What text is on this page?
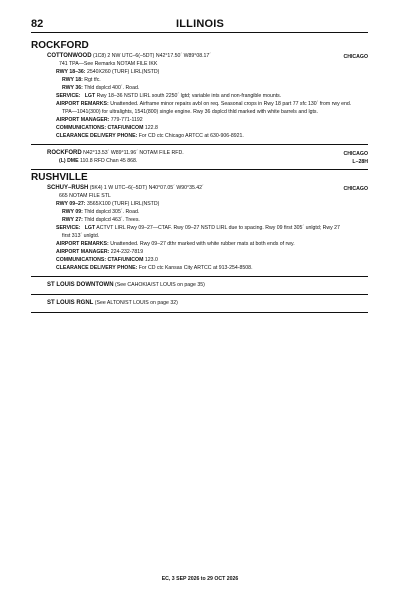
82	ILLINOIS
ROCKFORD
COTTONWOOD (1C8) 2 NW UTC–6(–5DT) N42°17.50´ W89°08.17´	CHICAGO
741 TPA—See Remarks NOTAM FILE IKK
RWY 18–36: 2540X260 (TURF) LIRL(NSTD)
RWY 18: Rgt tfc.
RWY 36: Thld dsplcd 400´. Road.
SERVICE: LGT Rwy 18–36 NSTD LIRL south 2250´ lgtd; variable ints and non-frangible mounts.
AIRPORT REMARKS: Unattended. Airframe minor repairs avbl on req. Seasonal crops in Rwy 18 part 77 sfc 130´ from rwy end.
TPA—1041(300) for ultralights, 1541(800) single engine. Rwy 36 dsplcd thld marked with white barrels and lgts.
AIRPORT MANAGER: 779-771-1192
COMMUNICATIONS: CTAF/UNICOM 122.8
CLEARANCE DELIVERY PHONE: For CD ctc Chicago ARTCC at 630-906-8921.
ROCKFORD N42°13.53´ W89°11.96´ NOTAM FILE RFD.	CHICAGO
(L) DME 110.8 RFD Chan 45 868.	L–28H
RUSHVILLE
SCHUY–RUSH (5K4) 1 W UTC–6(–5DT) N40°07.05´ W90°35.42´	CHICAGO
665 NOTAM FILE STL
RWY 09–27: 3565X100 (TURF) LIRL(NSTD)
RWY 09: Thld dsplcd 305´. Road.
RWY 27: Thld dsplcd 463´. Trees.
SERVICE: LGT ACTVT LIRL Rwy 09–27—CTAF. Rwy 09–27 NSTD LIRL due to spacing. Rwy 09 first 305´ unlgtd; Rwy 27
first 313´ unlgtd.
AIRPORT REMARKS: Unattended. Rwy 09–27 dthr marked with white rubber mats at both ends of rwy.
AIRPORT MANAGER: 224-232-7819
COMMUNICATIONS: CTAF/UNICOM 123.0
CLEARANCE DELIVERY PHONE: For CD ctc Kansas City ARTCC at 913-254-8508.
ST LOUIS DOWNTOWN (See CAHOKIA/ST LOUIS on page 35)
ST LOUIS RGNL (See ALTON/ST LOUIS on page 32)
EC, 3 SEP 2026 to 29 OCT 2026
